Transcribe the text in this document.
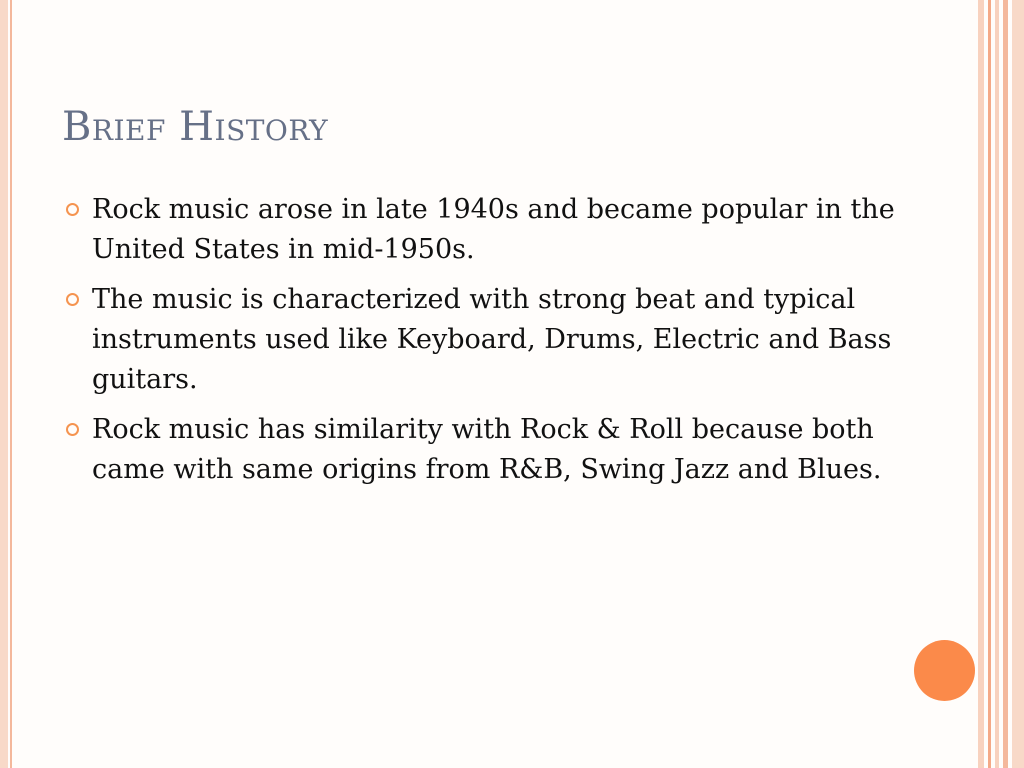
Brief History
Rock music arose in late 1940s and became popular in the United States in mid-1950s.
The music is characterized with strong beat and typical instruments used like Keyboard, Drums, Electric and Bass guitars.
Rock music has similarity with Rock & Roll because both came with same origins from R&B, Swing Jazz and Blues.
